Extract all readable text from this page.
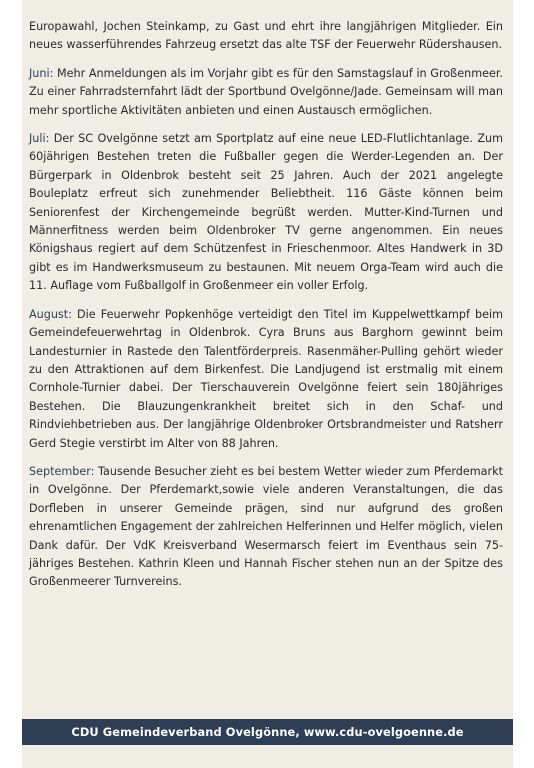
Europawahl, Jochen Steinkamp, zu Gast und ehrt ihre langjährigen Mitglieder. Ein neues wasserführendes Fahrzeug ersetzt das alte TSF der Feuerwehr Rüdershausen.

Juni: Mehr Anmeldungen als im Vorjahr gibt es für den Samstagslauf in Großenmeer. Zu einer Fahrradsternfahrt lädt der Sportbund Ovelgönne/Jade. Gemeinsam will man mehr sportliche Aktivitäten anbieten und einen Austausch ermöglichen.

Juli: Der SC Ovelgönne setzt am Sportplatz auf eine neue LED-Flutlichtanlage. Zum 60jährigen Bestehen treten die Fußballer gegen die Werder-Legenden an. Der Bürgerpark in Oldenbrok besteht seit 25 Jahren. Auch der 2021 angelegte Bouleplatz erfreut sich zunehmender Beliebtheit. 116 Gäste können beim Seniorenfest der Kirchengemeinde begrüßt werden. Mutter-Kind-Turnen und Männerfitness werden beim Oldenbroker TV gerne angenommen. Ein neues Königshaus regiert auf dem Schützenfest in Frieschenmoor. Altes Handwerk in 3D gibt es im Handwerksmuseum zu bestaunen. Mit neuem Orga-Team wird auch die 11. Auflage vom Fußballgolf in Großenmeer ein voller Erfolg.

August: Die Feuerwehr Popkenhöge verteidigt den Titel im Kuppelwettkampf beim Gemeindefeuerwehrtag in Oldenbrok. Cyra Bruns aus Barghorn gewinnt beim Landesturnier in Rastede den Talentförderpreis. Rasenmäher-Pulling gehört wieder zu den Attraktionen auf dem Birkenfest. Die Landjugend ist erstmalig mit einem Cornhole-Turnier dabei. Der Tierschauverein Ovelgönne feiert sein 180jähriges Bestehen. Die Blauzungenkrankheit breitet sich in den Schaf- und Rindviehbetrieben aus. Der langjährige Oldenbroker Ortsbrandmeister und Ratsherr Gerd Stegie verstirbt im Alter von 88 Jahren.

September: Tausende Besucher zieht es bei bestem Wetter wieder zum Pferdemarkt in Ovelgönne. Der Pferdemarkt,sowie viele anderen Veranstaltungen, die das Dorfleben in unserer Gemeinde prägen, sind nur aufgrund des großen ehrenamtlichen Engagement der zahlreichen Helferinnen und Helfer möglich, vielen Dank dafür. Der VdK Kreisverband Wesermarsch feiert im Eventhaus sein 75-jähriges Bestehen. Kathrin Kleen und Hannah Fischer stehen nun an der Spitze des Großenmeerer Turnvereins.

CDU Gemeindeverband Ovelgönne, www.cdu-ovelgoenne.de
